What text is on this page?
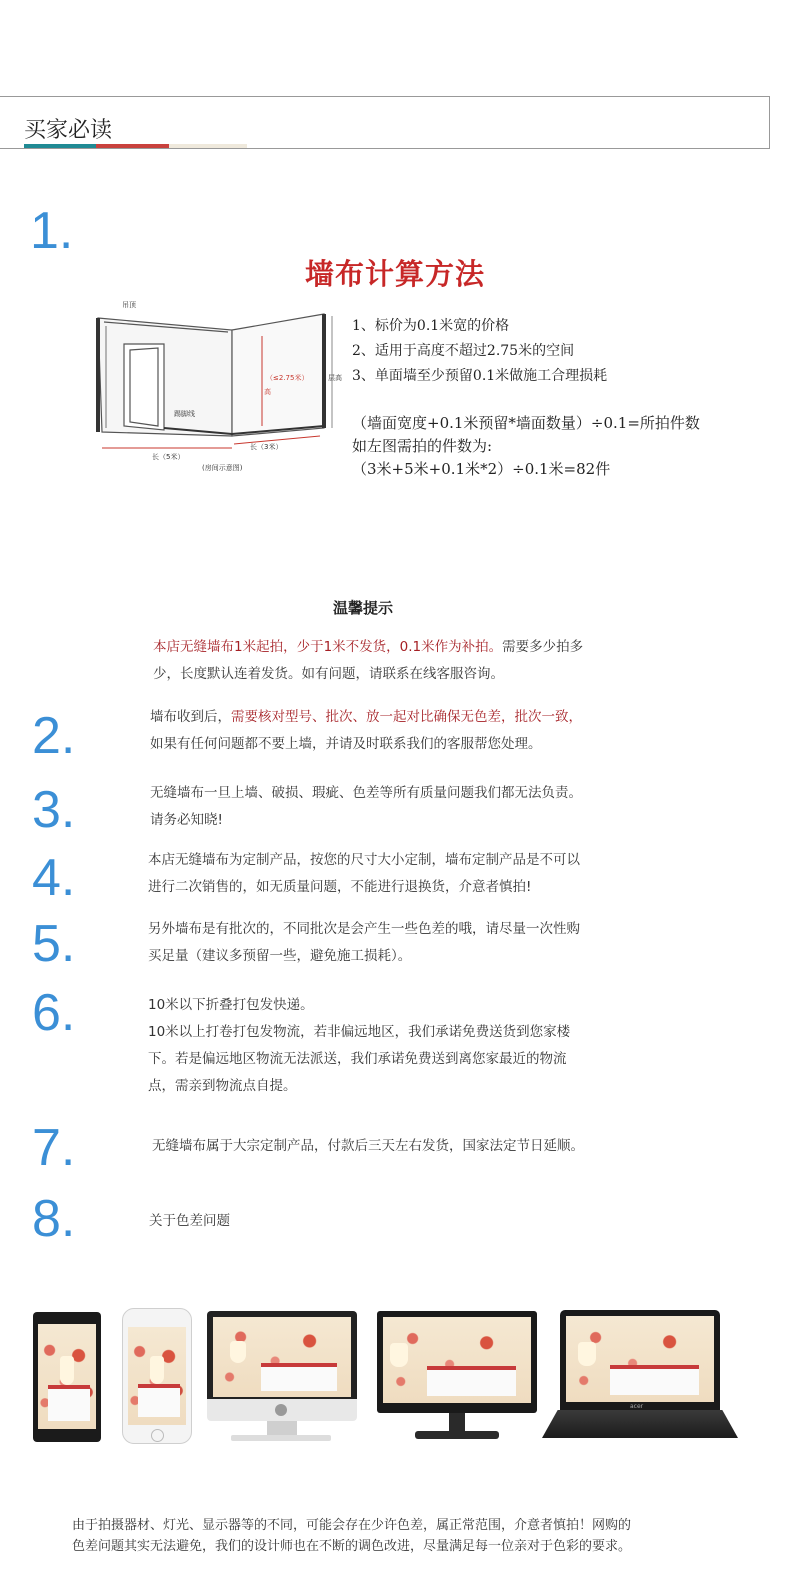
买家必读
1.
2.
3.
4.
5.
6.
7.
8.
墙布计算方法
吊顶
踢脚线
（≤2.75米）
高
层高
长（5米）
长（3米）
(房间示意图)
1、标价为0.1米宽的价格
2、适用于高度不超过2.75米的空间
3、单面墙至少预留0.1米做施工合理损耗
（墙面宽度+0.1米预留*墙面数量）÷0.1=所拍件数
如左图需拍的件数为:
（3米+5米+0.1米*2）÷0.1米=82件
温馨提示
本店无缝墙布1米起拍，少于1米不发货，0.1米作为补拍。需要多少拍多
少，长度默认连着发货。如有问题，请联系在线客服咨询。
墙布收到后，需要核对型号、批次、放一起对比确保无色差，批次一致，
如果有任何问题都不要上墙，并请及时联系我们的客服帮您处理。
无缝墙布一旦上墙、破损、瑕疵、色差等所有质量问题我们都无法负责。
请务必知晓!
本店无缝墙布为定制产品，按您的尺寸大小定制，墙布定制产品是不可以
进行二次销售的，如无质量问题，不能进行退换货，介意者慎拍!
另外墙布是有批次的，不同批次是会产生一些色差的哦，请尽量一次性购
买足量（建议多预留一些，避免施工损耗）。
10米以下折叠打包发快递。
10米以上打卷打包发物流，若非偏远地区，我们承诺免费送货到您家楼
下。若是偏远地区物流无法派送，我们承诺免费送到离您家最近的物流
点，需亲到物流点自提。
无缝墙布属于大宗定制产品，付款后三天左右发货，国家法定节日延顺。
关于色差问题
acer
由于拍摄器材、灯光、显示器等的不同，可能会存在少许色差，属正常范围，介意者慎拍！网购的
色差问题其实无法避免，我们的设计师也在不断的调色改进，尽量满足每一位亲对于色彩的要求。
